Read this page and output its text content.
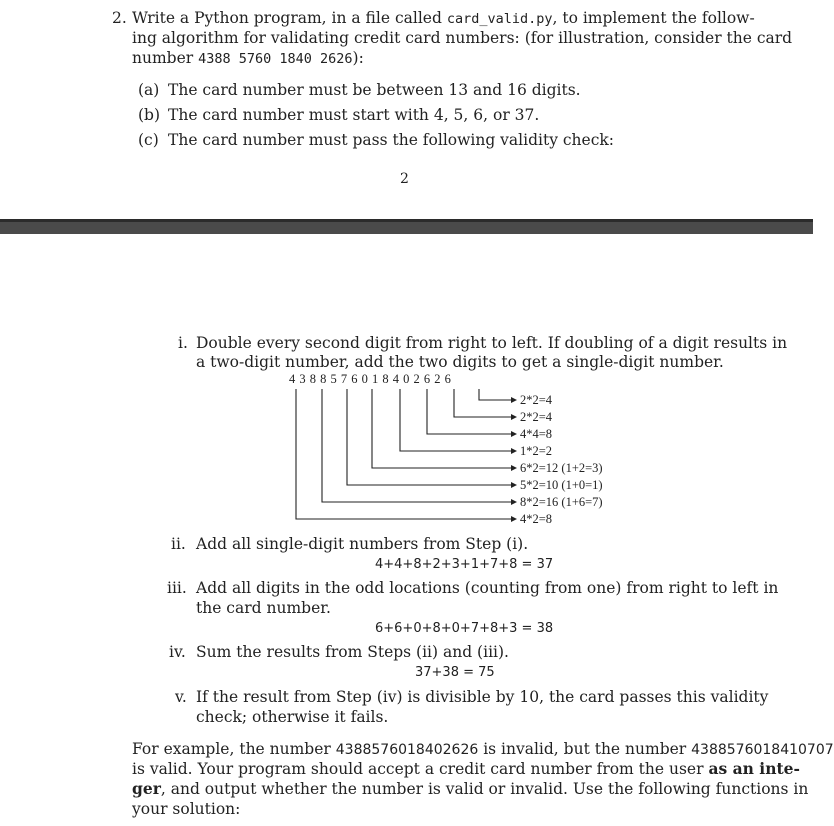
2. Write a Python program, in a file called card_valid.py, to implement the follow-
ing algorithm for validating credit card numbers: (for illustration, consider the card
number 4388 5760 1840 2626):
(a) The card number must be between 13 and 16 digits.
(b) The card number must start with 4, 5, 6, or 37.
(c) The card number must pass the following validity check:
2
i. Double every second digit from right to left. If doubling of a digit results in
a two-digit number, add the two digits to get a single-digit number.
4 3 8 8 5 7 6 0 1 8 4 0 2 6 2 6
2*2=4
2*2=4
4*4=8
1*2=2
6*2=12 (1+2=3)
5*2=10 (1+0=1)
8*2=16 (1+6=7)
4*2=8
ii. Add all single-digit numbers from Step (i).
4+4+8+2+3+1+7+8 = 37
iii. Add all digits in the odd locations (counting from one) from right to left in
the card number.
6+6+0+8+0+7+8+3 = 38
iv. Sum the results from Steps (ii) and (iii).
37+38 = 75
v. If the result from Step (iv) is divisible by 10, the card passes this validity
check; otherwise it fails.
For example, the number 4388576018402626 is invalid, but the number 4388576018410707
is valid. Your program should accept a credit card number from the user as an inte-
ger, and output whether the number is valid or invalid. Use the following functions in
your solution:
